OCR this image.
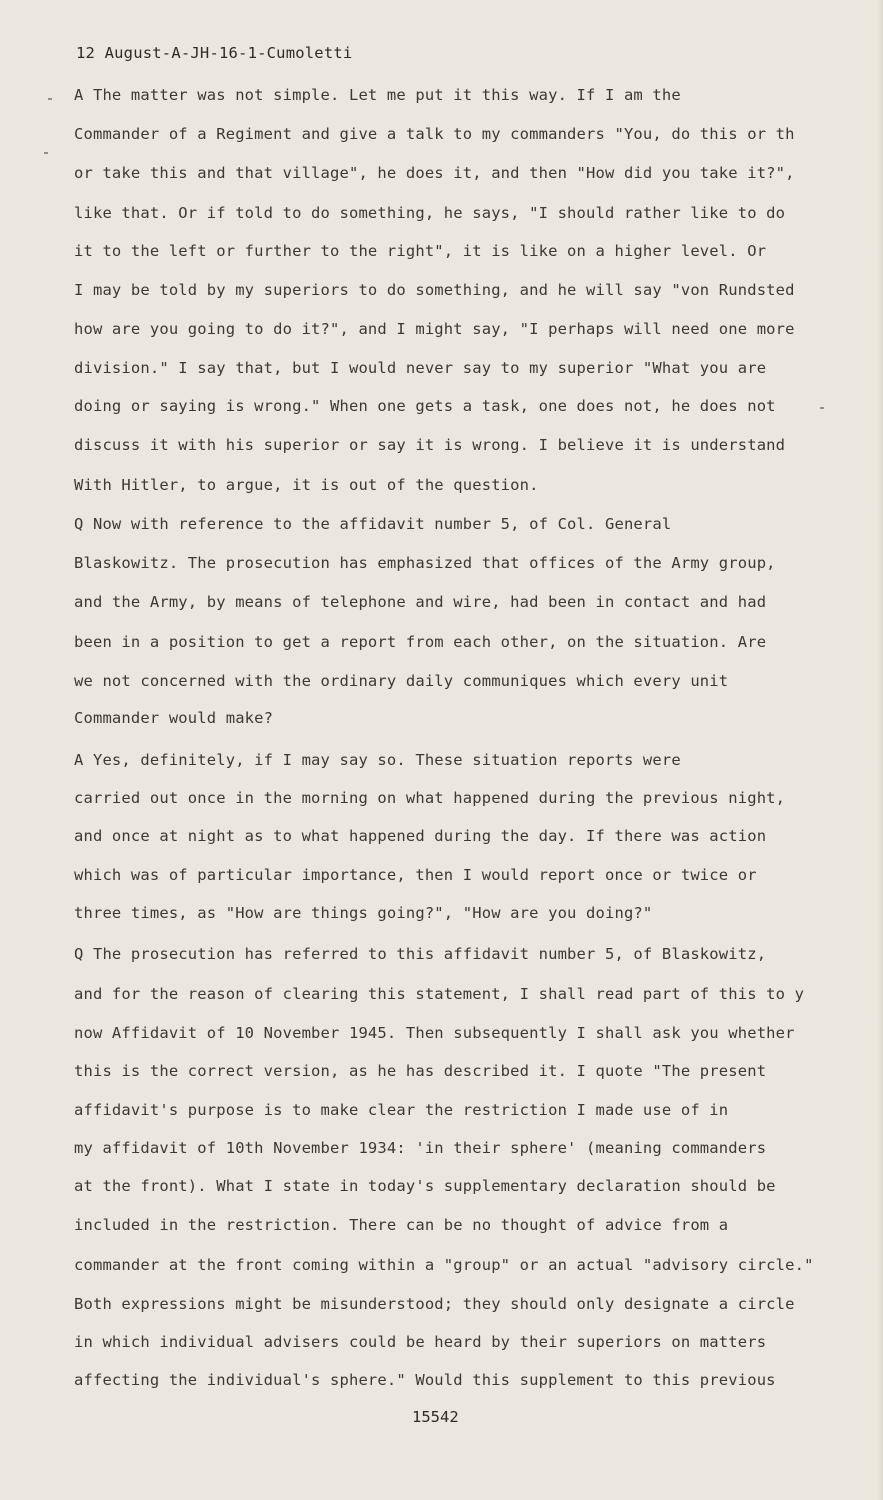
12 August-A-JH-16-1-Cumoletti
A The matter was not simple. Let me put it this way. If I am the
Commander of a Regiment and give a talk to my commanders "You, do this or th
or take this and that village", he does it, and then "How did you take it?",
like that. Or if told to do something, he says, "I should rather like to do
it to the left or further to the right", it is like on a higher level. Or
I may be told by my superiors to do something, and he will say "von Rundsted
how are you going to do it?", and I might say, "I perhaps will need one more
division." I say that, but I would never say to my superior "What you are
doing or saying is wrong." When one gets a task, one does not, he does not
discuss it with his superior or say it is wrong. I believe it is understand
With Hitler, to argue, it is out of the question.
Q Now with reference to the affidavit number 5, of Col. General
Blaskowitz. The prosecution has emphasized that offices of the Army group,
and the Army, by means of telephone and wire, had been in contact and had
been in a position to get a report from each other, on the situation. Are
we not concerned with the ordinary daily communiques which every unit
Commander would make?
A Yes, definitely, if I may say so. These situation reports were
carried out once in the morning on what happened during the previous night,
and once at night as to what happened during the day. If there was action
which was of particular importance, then I would report once or twice or
three times, as "How are things going?", "How are you doing?"
Q The prosecution has referred to this affidavit number 5, of Blaskowitz,
and for the reason of clearing this statement, I shall read part of this to y
now Affidavit of 10 November 1945. Then subsequently I shall ask you whether
this is the correct version, as he has described it. I quote "The present
affidavit's purpose is to make clear the restriction I made use of in
my affidavit of 10th November 1934: 'in their sphere' (meaning commanders
at the front). What I state in today's supplementary declaration should be
included in the restriction. There can be no thought of advice from a
commander at the front coming within a "group" or an actual "advisory circle."
Both expressions might be misunderstood; they should only designate a circle
in which individual advisers could be heard by their superiors on matters
affecting the individual's sphere." Would this supplement to this previous
15542
